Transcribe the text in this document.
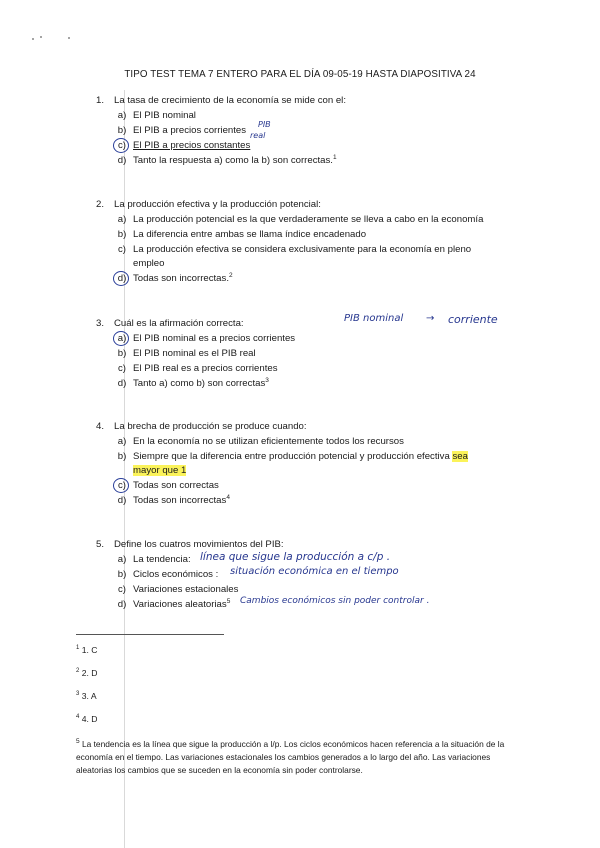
TIPO TEST TEMA 7 ENTERO PARA EL DÍA 09-05-19 HASTA DIAPOSITIVA 24
1. La tasa de crecimiento de la economía se mide con el:
a) El PIB nominal
b) El PIB a precios corrientes
c) El PIB a precios constantes
d) Tanto la respuesta a) como la b) son correctas.$^1$
PIB
real
2. La producción efectiva y la producción potencial:
a) La producción potencial es la que verdaderamente se lleva a cabo en la economía
b) La diferencia entre ambas se llama índice encadenado
c) La producción efectiva se considera exclusivamente para la economía en pleno
empleo
d) Todas son incorrectas.$^2$
3. Cuál es la afirmación correcta:
a) El PIB nominal es a precios corrientes
b) El PIB nominal es el PIB real
c) El PIB real es a precios corrientes
d) Tanto a) como b) son correctas$^3$
PIB nominal → corriente
4. La brecha de producción se produce cuando:
a) En la economía no se utilizan eficientemente todos los recursos
b) Siempre que la diferencia entre producción potencial y producción efectiva sea
mayor que 1
c) Todas son correctas
d) Todas son incorrectas$^4$
5. Define los cuatros movimientos del PIB:
a) La tendencia:
b) Ciclos económicos :
c) Variaciones estacionales
d) Variaciones aleatorias$^5$
línea que sigue la producción a c/p .
situación económica en el tiempo
Cambios económicos sin poder controlar .
$^1$ 1. C
$^2$ 2. D
$^3$ 3. A
$^4$ 4. D
$^5$ La tendencia es la línea que sigue la producción a l/p. Los ciclos económicos hacen referencia a la situación de la economía en el tiempo. Las variaciones estacionales los cambios generados a lo largo del año. Las variaciones aleatorias los cambios que se suceden en la economía sin poder controlarse.
